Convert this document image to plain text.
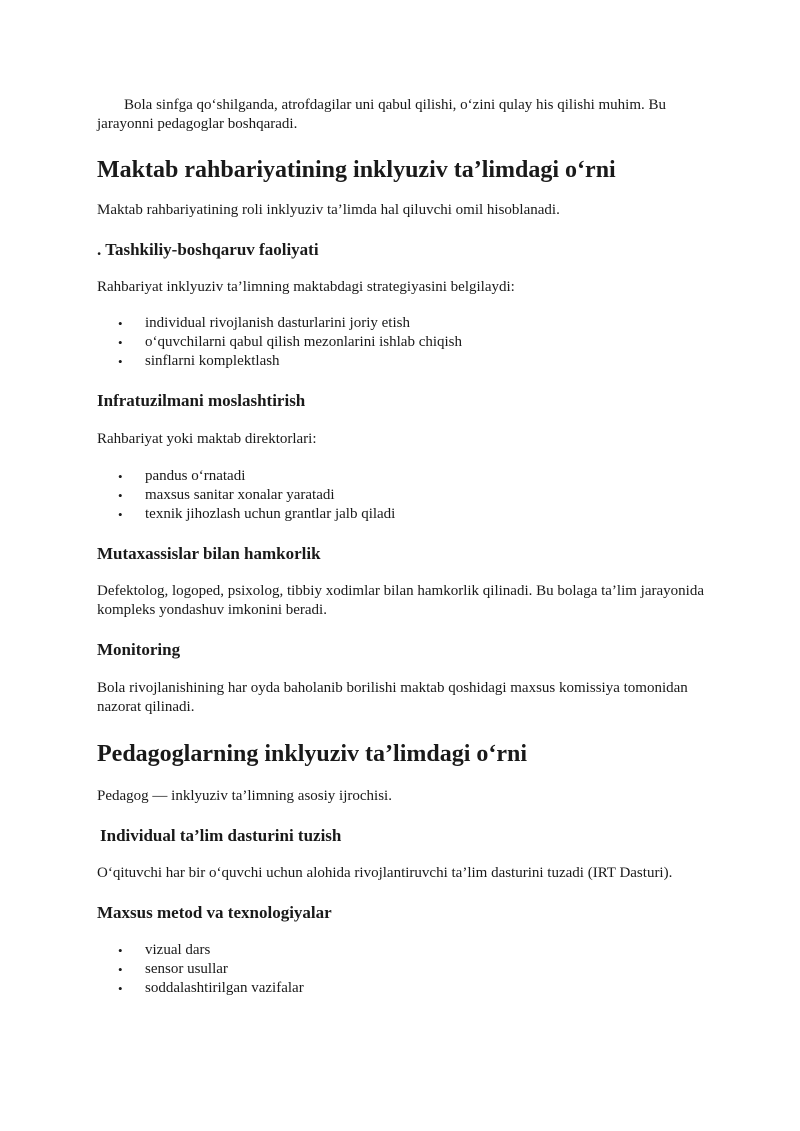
Bola sinfga qo‘shilganda, atrofdagilar uni qabul qilishi, o‘zini qulay his qilishi muhim. Bu jarayonni pedagoglar boshqaradi.

Maktab rahbariyatining inklyuziv ta’limdagi o‘rni

Maktab rahbariyatining roli inklyuziv ta’limda hal qiluvchi omil hisoblanadi.

. Tashkiliy-boshqaruv faoliyati

Rahbariyat inklyuziv ta’limning maktabdagi strategiyasini belgilaydi:

• individual rivojlanish dasturlarini joriy etish
• o‘quvchilarni qabul qilish mezonlarini ishlab chiqish
• sinflarni komplektlash
Infratuzilmani moslashtirish

Rahbariyat yoki maktab direktorlari:

• pandus o‘rnatadi
• maxsus sanitar xonalar yaratadi
• texnik jihozlash uchun grantlar jalb qiladi
Mutaxassislar bilan hamkorlik

Defektolog, logoped, psixolog, tibbiy xodimlar bilan hamkorlik qilinadi. Bu bolaga ta’lim jarayonida kompleks yondashuv imkonini beradi.

Monitoring

Bola rivojlanishining har oyda baholanib borilishi maktab qoshidagi maxsus komissiya tomonidan nazorat qilinadi.

Pedagoglarning inklyuziv ta’limdagi o‘rni

Pedagog — inklyuziv ta’limning asosiy ijrochisi.

Individual ta’lim dasturini tuzish

O‘qituvchi har bir o‘quvchi uchun alohida rivojlantiruvchi ta’lim dasturini tuzadi (IRT Dasturi).

Maxsus metod va texnologiyalar
• vizual dars
• sensor usullar
• soddalashtirilgan vazifalar
